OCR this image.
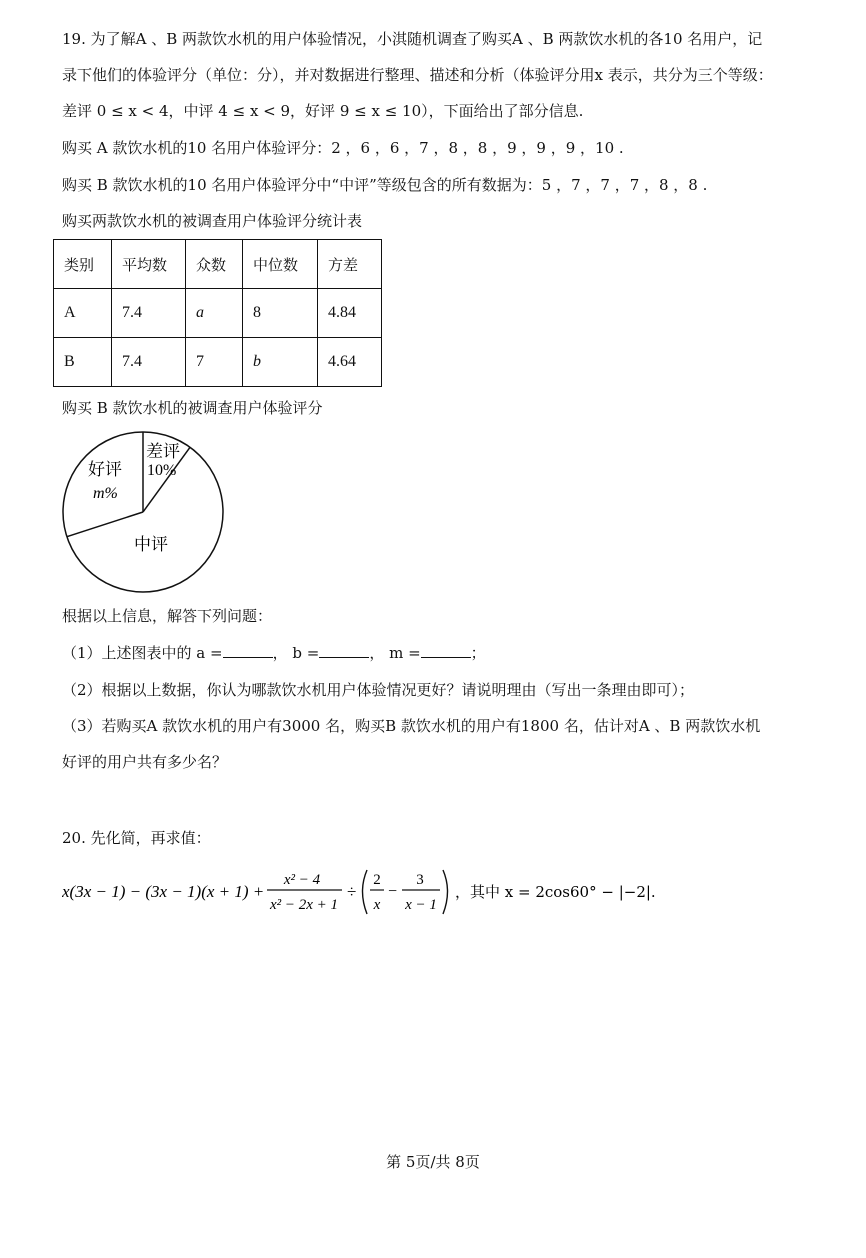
19. 为了解A 、B 两款饮水机的用户体验情况，小淇随机调查了购买A 、B 两款饮水机的各10 名用户，记
录下他们的体验评分（单位：分），并对数据进行整理、描述和分析（体验评分用x 表示，共分为三个等级：
差评 0 ≤ x < 4，中评 4 ≤ x < 9，好评 9 ≤ x ≤ 10），下面给出了部分信息.
购买 A 款饮水机的10 名用户体验评分：2 ，6 ，6 ，7 ，8 ，8 ，9 ，9 ，9 ，10 .
购买 B 款饮水机的10 名用户体验评分中“中评”等级包含的所有数据为：5 ，7 ，7 ，7 ，8 ，8 .
购买两款饮水机的被调查用户体验评分统计表
类别	平均数	众数	中位数	方差
A	7.4	a	8	4.84
B	7.4	7	b	4.64
购买 B 款饮水机的被调查用户体验评分
差评
10%
好评
m%
中评
根据以上信息，解答下列问题：
（1）上述图表中的 a =	， b =	， m =	；
（2）根据以上数据，你认为哪款饮水机用户体验情况更好？请说明理由（写出一条理由即可）；
（3）若购买A 款饮水机的用户有3000 名，购买B 款饮水机的用户有1800 名，估计对A 、B 两款饮水机
好评的用户共有多少名？
20. 先化简，再求值：
x(3x − 1) − (3x − 1)(x + 1) +
x² − 4
x² − 2x + 1
÷
2
x
−
3
x − 1
，其中 x = 2cos60° − |−2|.
第 5页/共 8页
